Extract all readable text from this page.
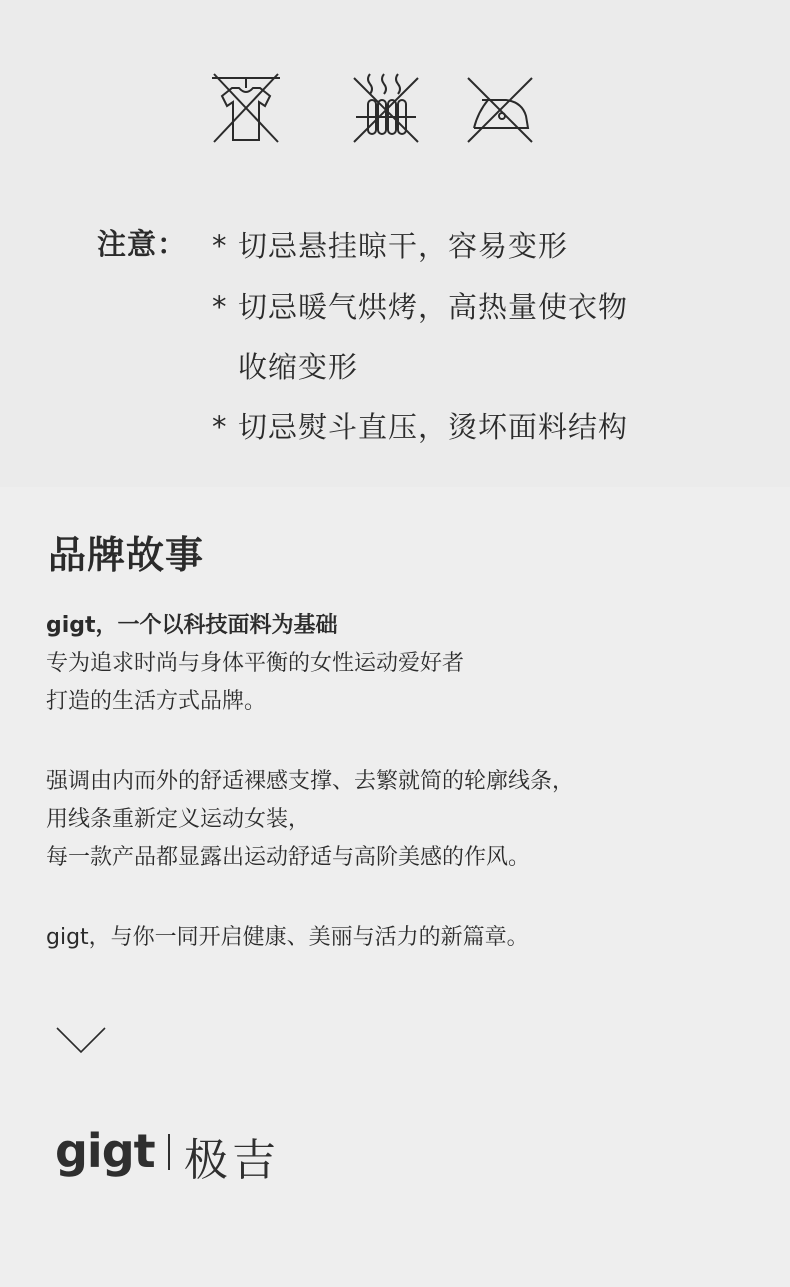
注意： * 切忌悬挂晾干，容易变形
* 切忌暖气烘烤，高热量使衣物
收缩变形
* 切忌熨斗直压，烫坏面料结构
品牌故事
gigt，一个以科技面料为基础
专为追求时尚与身体平衡的女性运动爱好者
打造的生活方式品牌。
强调由内而外的舒适裸感支撑、去繁就简的轮廓线条，
用线条重新定义运动女装，
每一款产品都显露出运动舒适与高阶美感的作风。
gigt，与你一同开启健康、美丽与活力的新篇章。
gigt 极吉
